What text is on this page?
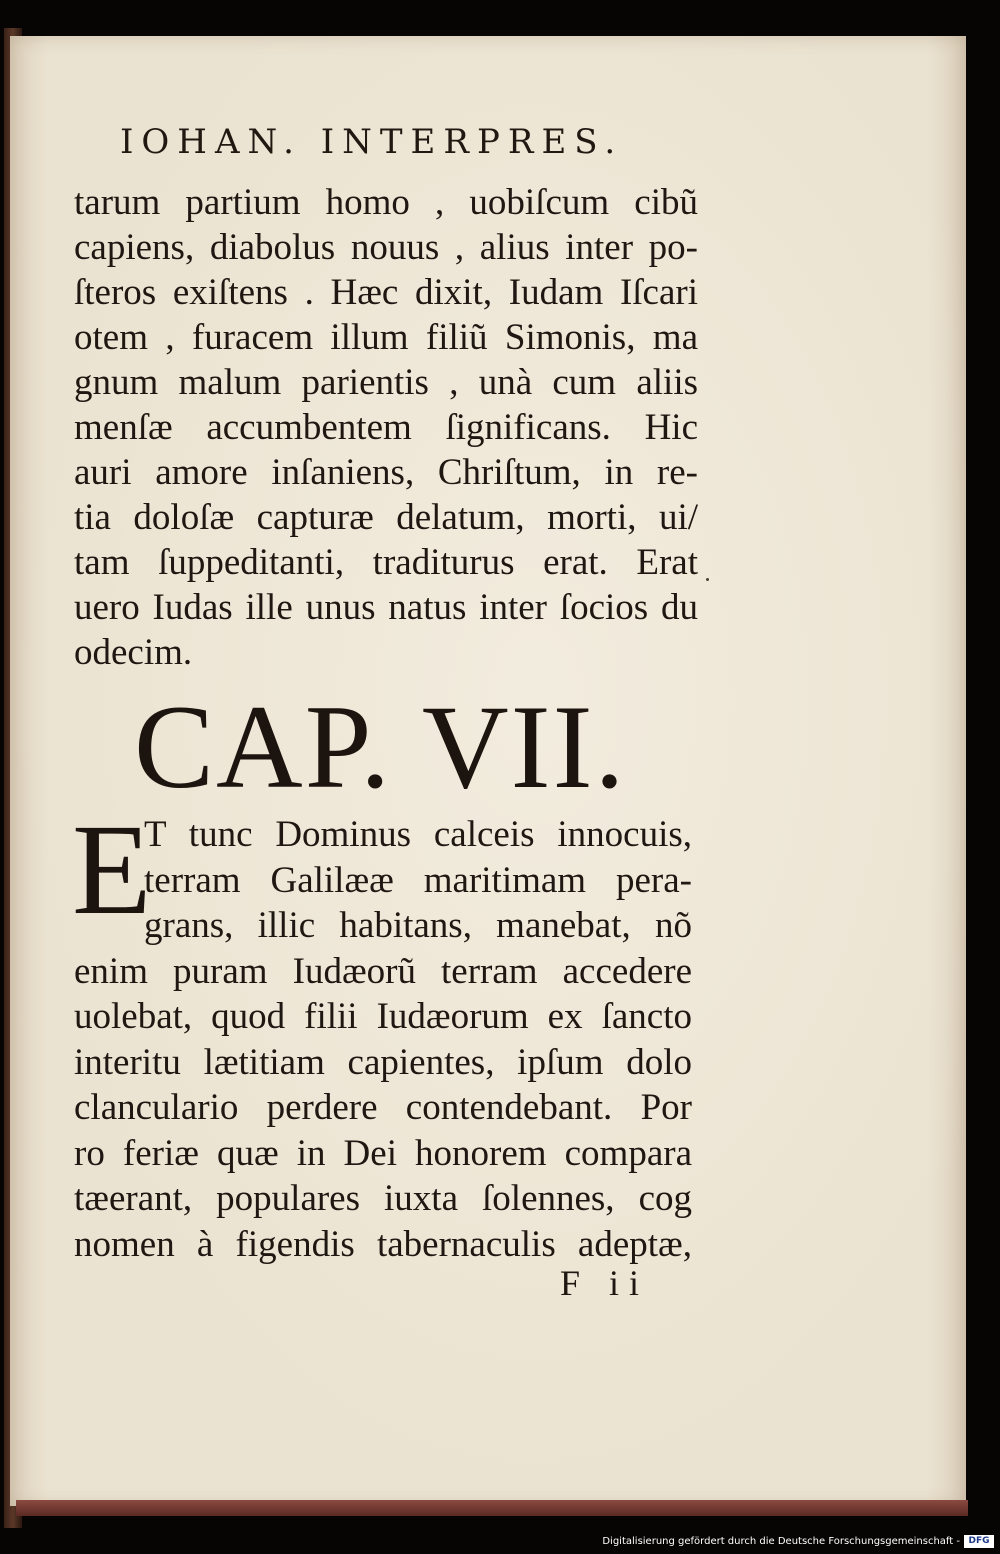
IOHAN. INTERPRES.
tarum partium homo , uobiſcum cibũ
capiens, diabolus nouus , alius inter po-
ſteros exiſtens . Hæc dixit, Iudam Iſcari
otem , furacem illum filiũ Simonis, ma
gnum malum parientis , unà cum aliis
menſæ accumbentem ſignificans. Hic
auri amore inſaniens, Chriſtum, in re-
tia doloſæ capturæ delatum, morti, ui/
tam ſuppeditanti, traditurus erat. Erat
uero Iudas ille unus natus inter ſocios du
odecim.
CAP. VII.
E
T tunc Dominus calceis innocuis,
terram Galilææ maritimam pera-
grans, illic habitans, manebat, nõ
enim puram Iudæorũ terram accedere
uolebat, quod filii Iudæorum ex ſancto
interitu lætitiam capientes, ipſum dolo
clanculario perdere contendebant. Por
ro feriæ quæ in Dei honorem compara
tæerant, populares iuxta ſolennes, cog
nomen à figendis tabernaculis adeptæ,
F ii
Digitalisierung gefördert durch die Deutsche Forschungsgemeinschaft - DFG
